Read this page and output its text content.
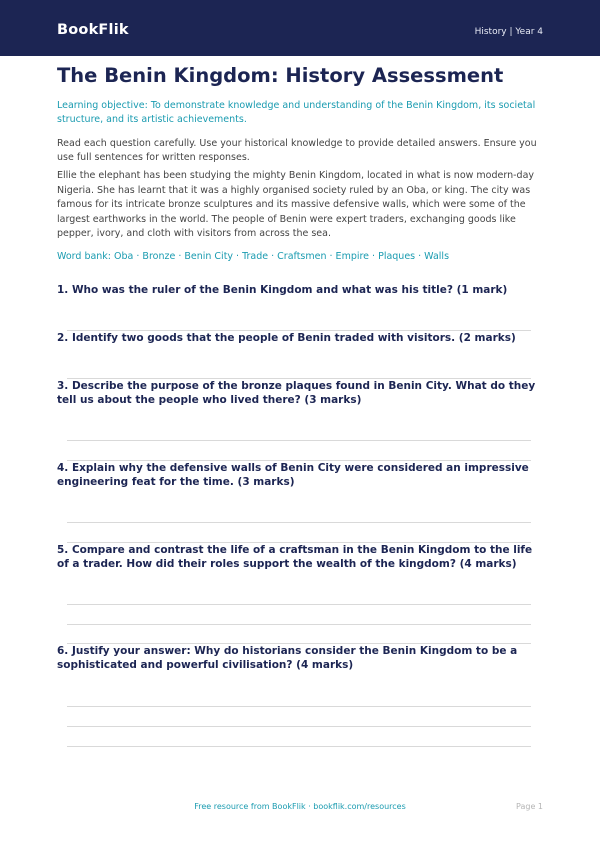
BookFlik	History | Year 4
The Benin Kingdom: History Assessment
Learning objective: To demonstrate knowledge and understanding of the Benin Kingdom, its societal structure, and its artistic achievements.
Read each question carefully. Use your historical knowledge to provide detailed answers. Ensure you use full sentences for written responses.
Ellie the elephant has been studying the mighty Benin Kingdom, located in what is now modern-day Nigeria. She has learnt that it was a highly organised society ruled by an Oba, or king. The city was famous for its intricate bronze sculptures and its massive defensive walls, which were some of the largest earthworks in the world. The people of Benin were expert traders, exchanging goods like pepper, ivory, and cloth with visitors from across the sea.
Word bank: Oba · Bronze · Benin City · Trade · Craftsmen · Empire · Plaques · Walls
1. Who was the ruler of the Benin Kingdom and what was his title? (1 mark)
2. Identify two goods that the people of Benin traded with visitors. (2 marks)
3. Describe the purpose of the bronze plaques found in Benin City. What do they tell us about the people who lived there? (3 marks)
4. Explain why the defensive walls of Benin City were considered an impressive engineering feat for the time. (3 marks)
5. Compare and contrast the life of a craftsman in the Benin Kingdom to the life of a trader. How did their roles support the wealth of the kingdom? (4 marks)
6. Justify your answer: Why do historians consider the Benin Kingdom to be a sophisticated and powerful civilisation? (4 marks)
Free resource from BookFlik · bookflik.com/resources	Page 1
